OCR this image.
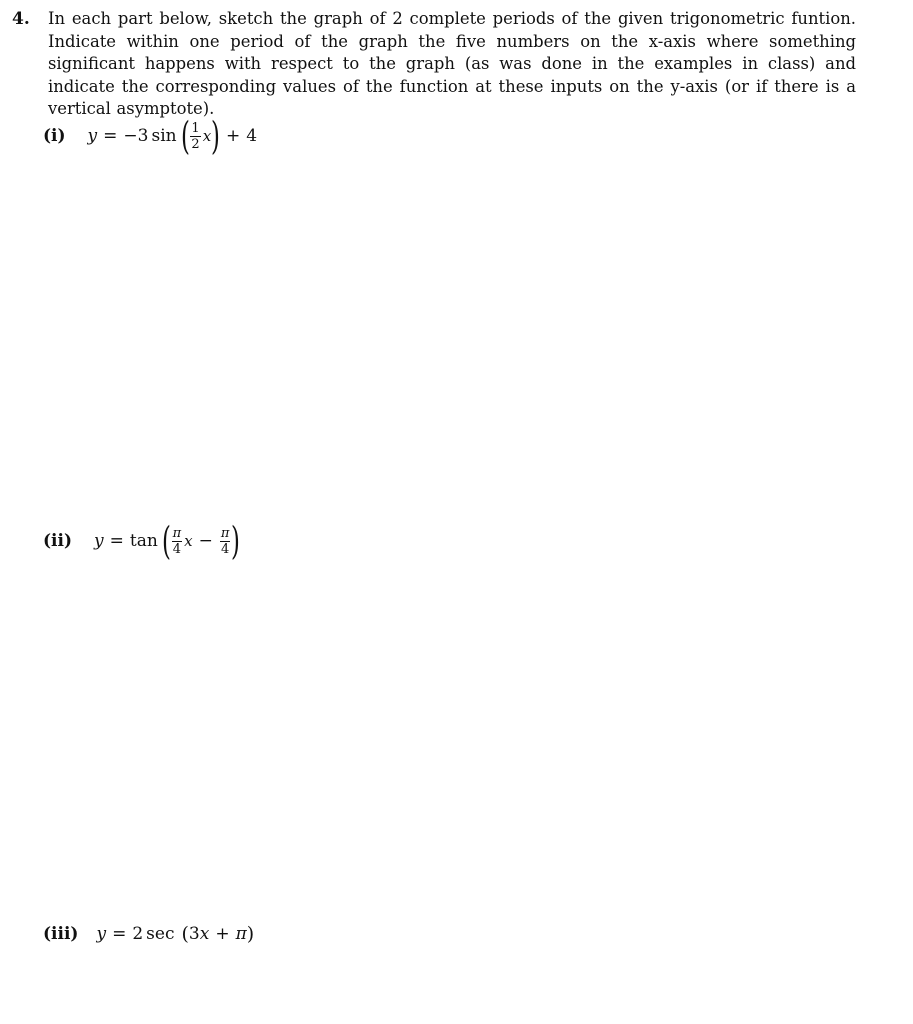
4. In each part below, sketch the graph of 2 complete periods of the given trigonometric funtion. Indicate within one period of the graph the five numbers on the x-axis where something significant happens with respect to the graph (as was done in the examples in class) and indicate the corresponding values of the function at these inputs on the y-axis (or if there is a vertical asymptote).
(i) y = −3 sin ( $\frac{1}{2}$ x ) + 4
(ii) y = tan ( $\frac{\pi}{4}$ $x - \frac{\pi}{4}$ )
(iii) y = 2 sec ( 3 x + π )
